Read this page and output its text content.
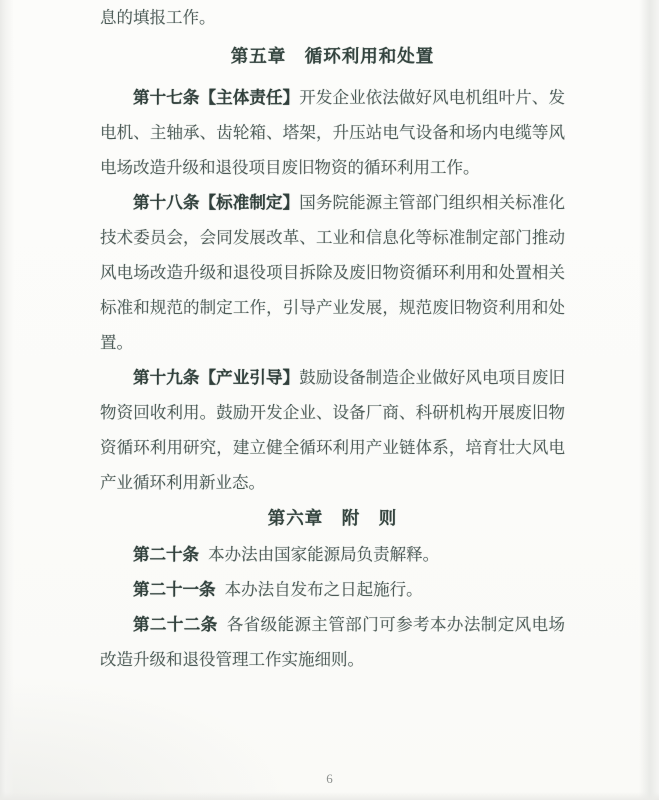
息的填报工作。

第五章　循环利用和处置

第十七条【主体责任】开发企业依法做好风电机组叶片、发电机、主轴承、齿轮箱、塔架，升压站电气设备和场内电缆等风电场改造升级和退役项目废旧物资的循环利用工作。

第十八条【标准制定】国务院能源主管部门组织相关标准化技术委员会，会同发展改革、工业和信息化等标准制定部门推动风电场改造升级和退役项目拆除及废旧物资循环利用和处置相关标准和规范的制定工作，引导产业发展，规范废旧物资利用和处置。

第十九条【产业引导】鼓励设备制造企业做好风电项目废旧物资回收利用。鼓励开发企业、设备厂商、科研机构开展废旧物资循环利用研究，建立健全循环利用产业链体系，培育壮大风电产业循环利用新业态。

第六章　附　则

第二十条 本办法由国家能源局负责解释。

第二十一条 本办法自发布之日起施行。

第二十二条 各省级能源主管部门可参考本办法制定风电场改造升级和退役管理工作实施细则。

6
